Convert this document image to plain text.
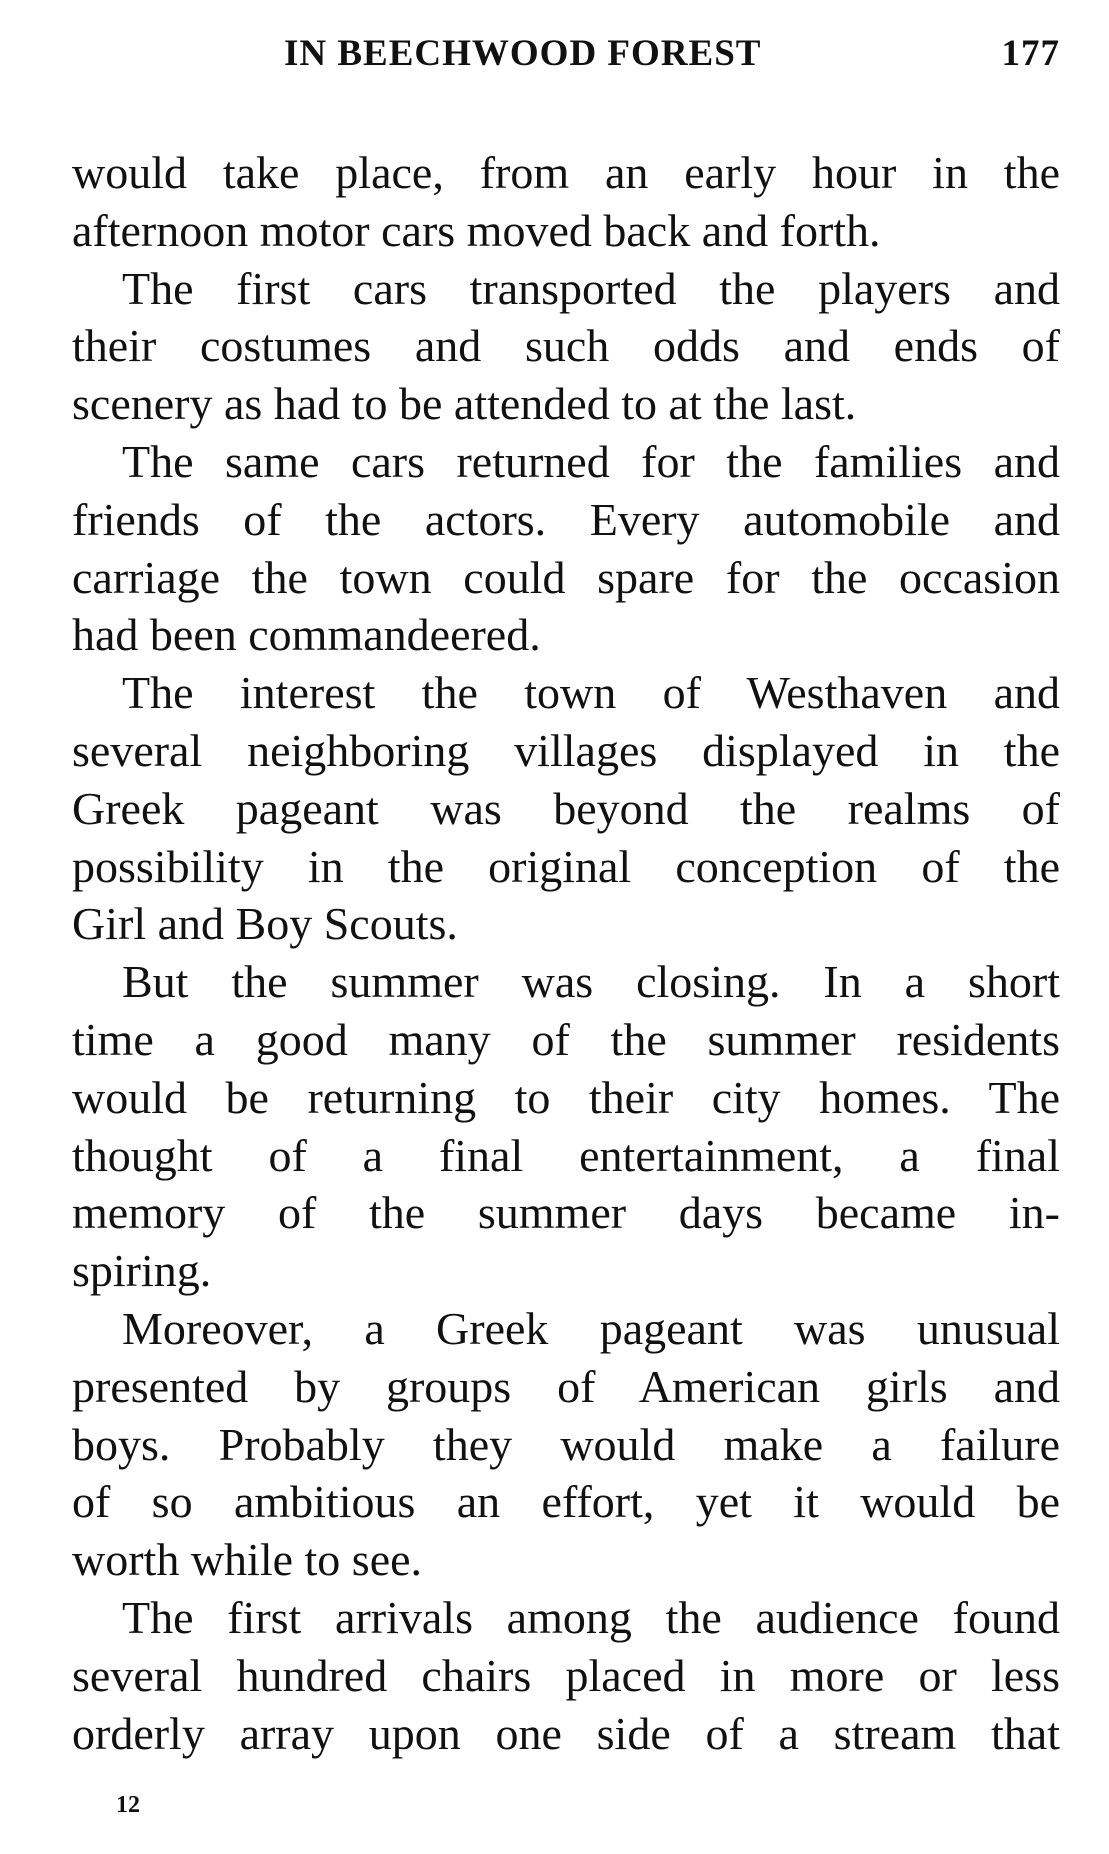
IN BEECHWOOD FOREST	177
would take place, from an early hour in the
afternoon motor cars moved back and forth.
The first cars transported the players and
their costumes and such odds and ends of
scenery as had to be attended to at the last.
The same cars returned for the families and
friends of the actors. Every automobile and
carriage the town could spare for the occasion
had been commandeered.
The interest the town of Westhaven and
several neighboring villages displayed in the
Greek pageant was beyond the realms of
possibility in the original conception of the
Girl and Boy Scouts.
But the summer was closing. In a short
time a good many of the summer residents
would be returning to their city homes. The
thought of a final entertainment, a final
memory of the summer days became in-
spiring.
Moreover, a Greek pageant was unusual
presented by groups of American girls and
boys. Probably they would make a failure
of so ambitious an effort, yet it would be
worth while to see.
The first arrivals among the audience found
several hundred chairs placed in more or less
orderly array upon one side of a stream that
12
